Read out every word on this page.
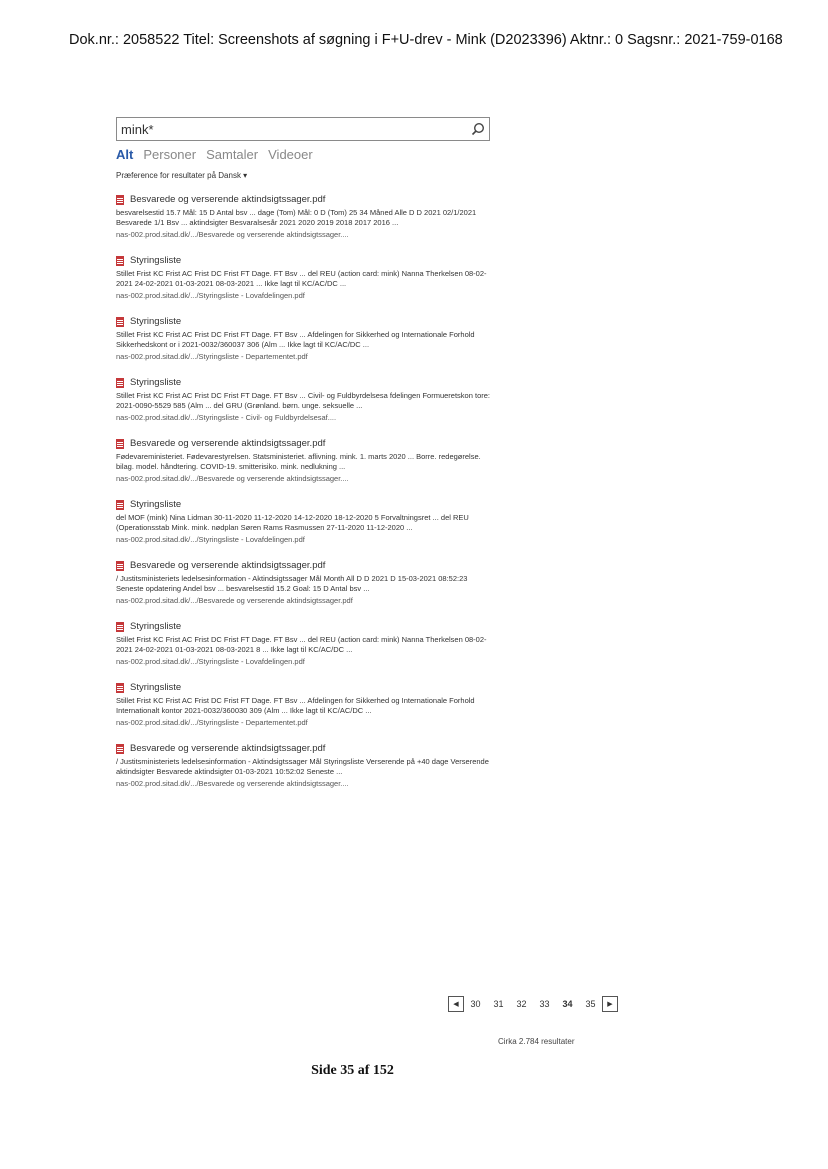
Dok.nr.: 2058522 Titel: Screenshots af søgning i F+U-drev - Mink (D2023396) Aktnr.: 0 Sagsnr.: 2021-759-0168
mink*
Alt Personer Samtaler Videoer
Præference for resultater på Dansk ▾
Besvarede og verserende aktindsigtssager.pdf
besvarelsestid 15.7 Mål: 15 D Antal bsv ... dage (Tom) Mål: 0 D (Tom) 25 34 Måned Alle D D 2021 02/1/2021 Besvarede 1/1 Bsv ... aktindsigter Besvaralsesår 2021 2020 2019 2018 2017 2016 ...
nas-002.prod.sitad.dk/.../Besvarede og verserende aktindsigtssager....
Styringsliste
Stillet Frist KC Frist AC Frist DC Frist FT Dage. FT Bsv ... del REU (action card: mink) Nanna Therkelsen 08-02-2021 24-02-2021 01-03-2021 08-03-2021 ... Ikke lagt til KC/AC/DC ...
nas-002.prod.sitad.dk/.../Styringsliste - Lovafdelingen.pdf
Styringsliste
Stillet Frist KC Frist AC Frist DC Frist FT Dage. FT Bsv ... Afdelingen for Sikkerhed og Internationale Forhold Sikkerhedskont or i 2021-0032/360037 306 (Alm ... Ikke lagt til KC/AC/DC ...
nas-002.prod.sitad.dk/.../Styringsliste - Departementet.pdf
Styringsliste
Stillet Frist KC Frist AC Frist DC Frist FT Dage. FT Bsv ... Civil- og Fuldbyrdelsesa fdelingen Formueretskon tore: 2021-0090-5529 585 (Alm ... del GRU (Grønland. børn. unge. seksuelle ...
nas-002.prod.sitad.dk/.../Styringsliste - Civil- og Fuldbyrdelsesaf....
Besvarede og verserende aktindsigtssager.pdf
Fødevareministeriet. Fødevarestyrelsen. Statsministeriet. aflivning. mink. 1. marts 2020 ... Borre. redegørelse. bilag. model. håndtering. COVID-19. smitterisiko. mink. nedlukning ...
nas-002.prod.sitad.dk/.../Besvarede og verserende aktindsigtssager....
Styringsliste
del MOF (mink) Nina Lidman 30-11-2020 11-12-2020 14-12-2020 18-12-2020 5 Forvaltningsret ... del REU (Operationsstab Mink. mink. nødplan Søren Rams Rasmussen 27-11-2020 11-12-2020 ...
nas-002.prod.sitad.dk/.../Styringsliste - Lovafdelingen.pdf
Besvarede og verserende aktindsigtssager.pdf
/ Justitsministeriets ledelsesinformation - Aktindsigtssager Mål Month All D D 2021 D 15-03-2021 08:52:23 Seneste opdatering Andel bsv ... besvarelsestid 15.2 Goal: 15 D Antal bsv ...
nas-002.prod.sitad.dk/.../Besvarede og verserende aktindsigtssager.pdf
Styringsliste
Stillet Frist KC Frist AC Frist DC Frist FT Dage. FT Bsv ... del REU (action card: mink) Nanna Therkelsen 08-02-2021 24-02-2021 01-03-2021 08-03-2021 8 ... Ikke lagt til KC/AC/DC ...
nas-002.prod.sitad.dk/.../Styringsliste - Lovafdelingen.pdf
Styringsliste
Stillet Frist KC Frist AC Frist DC Frist FT Dage. FT Bsv ... Afdelingen for Sikkerhed og Internationale Forhold Internationalt kontor 2021-0032/360030 309 (Alm ... Ikke lagt til KC/AC/DC ...
nas-002.prod.sitad.dk/.../Styringsliste - Departementet.pdf
Besvarede og verserende aktindsigtssager.pdf
/ Justitsministeriets ledelsesinformation - Aktindsigtssager Mål Styringsliste Verserende på +40 dage Verserende aktindsigter Besvarede aktindsigter 01-03-2021 10:52:02 Seneste ...
nas-002.prod.sitad.dk/.../Besvarede og verserende aktindsigtssager....
◀	30	31	32	33	34	35	▶
Cirka 2.784 resultater
Side 35 af 152
